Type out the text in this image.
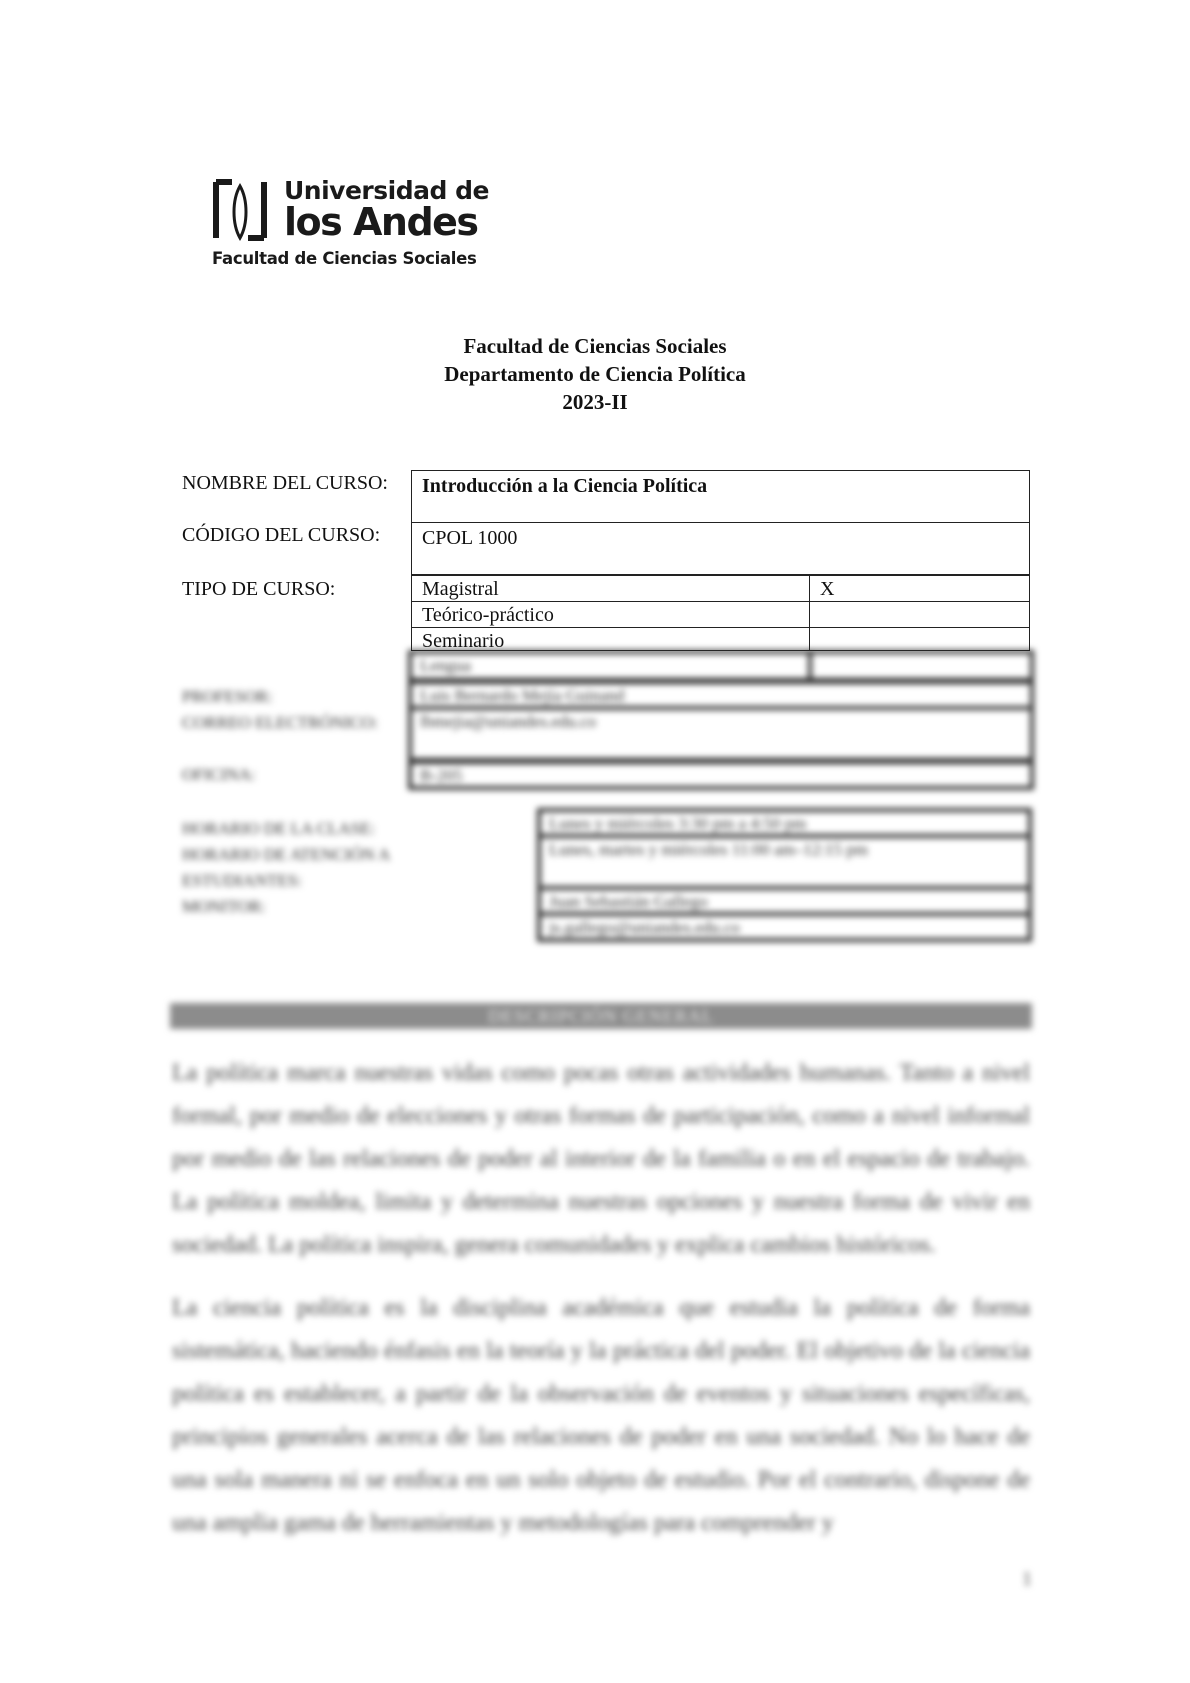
Universidad de
los Andes
Facultad de Ciencias Sociales
Facultad de Ciencias Sociales
Departamento de Ciencia Política
2023-II
NOMBRE DEL CURSO:	Introducción a la Ciencia Política
CÓDIGO DEL CURSO:	CPOL 1000
TIPO DE CURSO:	Magistral	X
Teórico-práctico
Seminario
Lengua
PROFESOR:	Luis Bernardo Mejía Guinand
CORREO ELECTRÓNICO:	lbmejia@uniandes.edu.co
OFICINA:	B-205
HORARIO DE LA CLASE:	Lunes y miércoles 3:30 pm a 4:50 pm
HORARIO DE ATENCIÓN A ESTUDIANTES:
Lunes, martes y miércoles 11:00 am–12:15 pm
MONITOR:	Juan Sebastián Gallego
js.gallego@uniandes.edu.co
DESCRIPCIÓN GENERAL
La política marca nuestras vidas como pocas otras actividades humanas. Tanto a nivel formal, por medio de elecciones y otras formas de participación, como a nivel informal por medio de las relaciones de poder al interior de la familia o en el espacio de trabajo. La política moldea, limita y determina nuestras opciones y nuestra forma de vivir en sociedad. La política inspira, genera comunidades y explica cambios históricos.
La ciencia política es la disciplina académica que estudia la política de forma sistemática, haciendo énfasis en la teoría y la práctica del poder. El objetivo de la ciencia política es establecer, a partir de la observación de eventos y situaciones específicas, principios generales acerca de las relaciones de poder en una sociedad. No lo hace de una sola manera ni se enfoca en un solo objeto de estudio. Por el contrario, dispone de una amplia gama de herramientas y metodologías para comprender y
1
